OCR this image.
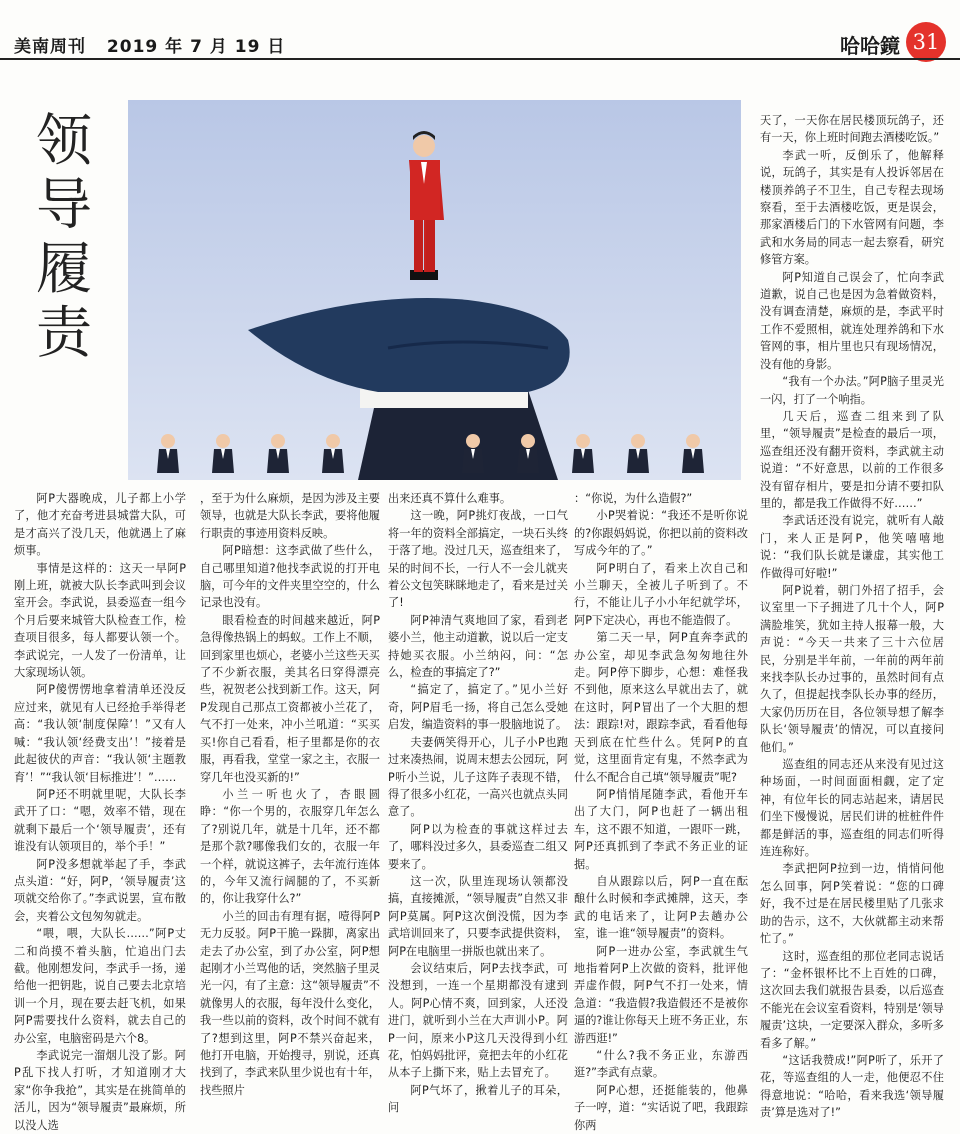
美南周刊 2019 年 7 月 19 日	哈哈鏡 31
领
导
履
责

阿P大器晚成，儿子都上小学了，他才充奋考进县城當大队，可是才高兴了没几天，他就遇上了麻烦事。

事情是这样的：这天一早阿P刚上班，就被大队长李武叫到会议室开会。李武说，县委巡查一组今个月后要来城管大队检查工作，检查项目很多，每人都要认领一个。李武说完，一人发了一份清单，让大家现场认领。

阿P傻愣愣地拿着清单还没反应过来，就见有人已经抢手举得老高：“我认领‘制度保障’！”又有人喊：“我认领‘经费支出’！”接着是此起彼伏的声音：“我认领‘主题教育’！”“我认领‘目标推进’！”……

阿P还不明就里呢，大队长李武开了口：“嗯，效率不错，现在就剩下最后一个‘领导履责’，还有谁没有认领项目的，举个手！”

阿P没多想就举起了手，李武点头道：“好，阿P，‘领导履责’这项就交给你了。”李武说罢，宣布散会，夹着公文包匆匆就走。

“喂，喂，大队长……”阿P丈二和尚摸不着头脑，忙追出门去截。他刚想发问，李武手一扬，递给他一把钥匙，说自己要去北京培训一个月，现在要去赶飞机，如果阿P需要找什么资料，就去自己的办公室，电脑密码是六个8。

李武说完一溜烟儿没了影。阿P乱下找人打听，才知道刚才大家“你争我抢”，其实是在挑简单的活儿，因为“领导履责”最麻烦，所以没人选

，至于为什么麻烦，是因为涉及主要领导，也就是大队长李武，要将他履行职责的事迹用资料反映。

阿P暗想：这李武做了些什么，自己哪里知道?他找李武说的打开电脑，可今年的文件夹里空空的，什么记录也没有。

眼看检查的时间越来越近，阿P急得像热锅上的蚂蚁。工作上不顺，回到家里也烦心，老婆小兰这些天买了不少新衣服，美其名曰穿得漂亮些，祝贺老公找到新工作。这天，阿P发现自己那点工资都被小兰花了，气不打一处来，冲小兰吼道：“买买买!你自己看看，柜子里都是你的衣服，再看我，堂堂一家之主，衣服一穿几年也没买新的!”

小兰一听也火了，杏眼圆睁：“你一个男的，衣服穿几年怎么了?别说几年，就是十几年，还不都是那个款?哪像我们女的，衣服一年一个样，就说这裤子，去年流行连体的，今年又流行阔腿的了，不买新的，你让我穿什么?”

小兰的回击有理有据，噎得阿P无力反驳。阿P干脆一跺脚，离家出走去了办公室，到了办公室，阿P想起刚才小兰骂他的话，突然脑子里灵光一闪，有了主意：这“领导履责”不就像男人的衣服，每年没什么变化，我一些以前的资料，改个时间不就有了?想到这里，阿P不禁兴奋起来，他打开电脑，开始搜寻，别说，还真找到了，李武来队里少说也有十年，找些照片

出来还真不算什么难事。

这一晚，阿P挑灯夜战，一口气将一年的资料全部搞定，一块石头终于落了地。没过几天，巡查组来了，呆的时间不长，一行人不一会儿就夹着公文包笑眯眯地走了，看来是过关了!

阿P神清气爽地回了家，看到老婆小兰，他主动道歉，说以后一定支持她买衣服。小兰纳闷，问：“怎么，检查的事搞定了?”

“搞定了，搞定了。”见小兰好奇，阿P眉毛一扬，将自己怎么受她启发，编造资料的事一股脑地说了。

夫妻俩笑得开心，儿子小P也跑过来凑热闹，说周末想去公园玩，阿P听小兰说，儿子这阵子表现不错，得了很多小红花，一高兴也就点头同意了。

阿P以为检查的事就这样过去了，哪料没过多久，县委巡查二组又要来了。

这一次，队里连现场认领都没搞，直接摊派，“领导履责”自然又非阿P莫属。阿P这次倒没慌，因为李武培训回来了，只要李武提供资料，阿P在电脑里一拼版也就出来了。

会议结束后，阿P去找李武，可没想到，一连一个星期都没有逮到人。阿P心情不爽，回到家，人还没进门，就听到小兰在大声训小P。阿P一问，原来小P这几天没得到小红花，怕妈妈批评，竟把去年的小红花从本子上撕下来，贴上去冒充了。

阿P气坏了，揪着儿子的耳朵，问

：“你说，为什么造假?”

小P哭着说：“我还不是听你说的?你跟妈妈说，你把以前的资料改写成今年的了。”

阿P明白了，看来上次自己和小兰聊天，全被儿子听到了。不行，不能让儿子小小年纪就学坏，阿P下定决心，再也不能造假了。

第二天一早，阿P直奔李武的办公室，却见李武急匆匆地往外走。阿P停下脚步，心想：难怪我不到他，原来这么早就出去了，就在这时，阿P冒出了一个大胆的想法：跟踪!对，跟踪李武，看看他每天到底在忙些什么。凭阿P的直觉，这里面肯定有鬼，不然李武为什么不配合自己填“领导履责”呢?

阿P悄悄尾随李武，看他开车出了大门，阿P也赶了一辆出租车，这不跟不知道，一跟吓一跳，阿P还真抓到了李武不务正业的证据。

自从跟踪以后，阿P一直在酝酿什么时候和李武摊牌，这天，李武的电话来了，让阿P去趟办公室，谁一谁“领导履责”的资料。

阿P一进办公室，李武就生气地指着阿P上次做的资料，批评他弄虚作假，阿P气不打一处来，情急道：“我造假?我造假还不是被你逼的?谁让你每天上班不务正业，东游西逛!”

“什么?我不务正业，东游西逛?”李武有点蒙。

阿P心想，还挺能装的，他鼻子一哼，道：“实话说了吧，我跟踪你两

天了，一天你在居民楼顶玩鸽子，还有一天，你上班时间跑去酒楼吃饭。”

李武一听，反倒乐了，他解释说，玩鸽子，其实是有人投诉邻居在楼顶养鸽子不卫生，自己专程去现场察看，至于去酒楼吃饭，更是误会，那家酒楼后门的下水管网有问题，李武和水务局的同志一起去察看，研究修管方案。

阿P知道自己误会了，忙向李武道歉，说自己也是因为急着做资料，没有调查清楚，麻烦的是，李武平时工作不爱照相，就连处理养鸽和下水管网的事，相片里也只有现场情况，没有他的身影。

“我有一个办法。”阿P脑子里灵光一闪，打了一个响指。

几天后，巡查二组来到了队里，“领导履责”是检查的最后一项，巡查组还没有翻开资料，李武就主动说道：“不好意思，以前的工作很多没有留存相片，要是扣分请不要扣队里的，都是我工作做得不好……”

李武话还没有说完，就听有人敲门，来人正是阿P，他笑嘻嘻地说：“我们队长就是谦虚，其实他工作做得可好啦!”

阿P说着，朝门外招了招手，会议室里一下子拥进了几十个人，阿P满脸堆笑，犹如主持人报幕一般，大声说：“今天一共来了三十六位居民，分别是半年前，一年前的两年前来找李队长办过事的，虽然时间有点久了，但提起找李队长办事的经历，大家仍历历在目，各位领导想了解李队长‘领导履责’的情况，可以直接问他们。”

巡查组的同志还从来没有见过这种场面，一时间面面相觑，定了定神，有位年长的同志站起来，请居民们坐下慢慢说，居民们讲的桩桩件件都是鲜活的事，巡查组的同志们听得连连称好。

李武把阿P拉到一边，悄悄问他怎么回事，阿P笑着说：“您的口碑好，我不过是在居民楼里贴了几张求助的告示，这不，大伙就都主动来帮忙了。”

这时，巡查组的那位老同志说话了：“金杯银杯比不上百姓的口碑，这次回去我们就报告县委，以后巡查不能光在会议室看资料，特别是‘领导履责’这块，一定要深入群众，多听多看多了解。”

“这话我赞成!”阿P听了，乐开了花，等巡查组的人一走，他便忍不住得意地说：“哈哈，看来我选‘领导履责’算是选对了!”
